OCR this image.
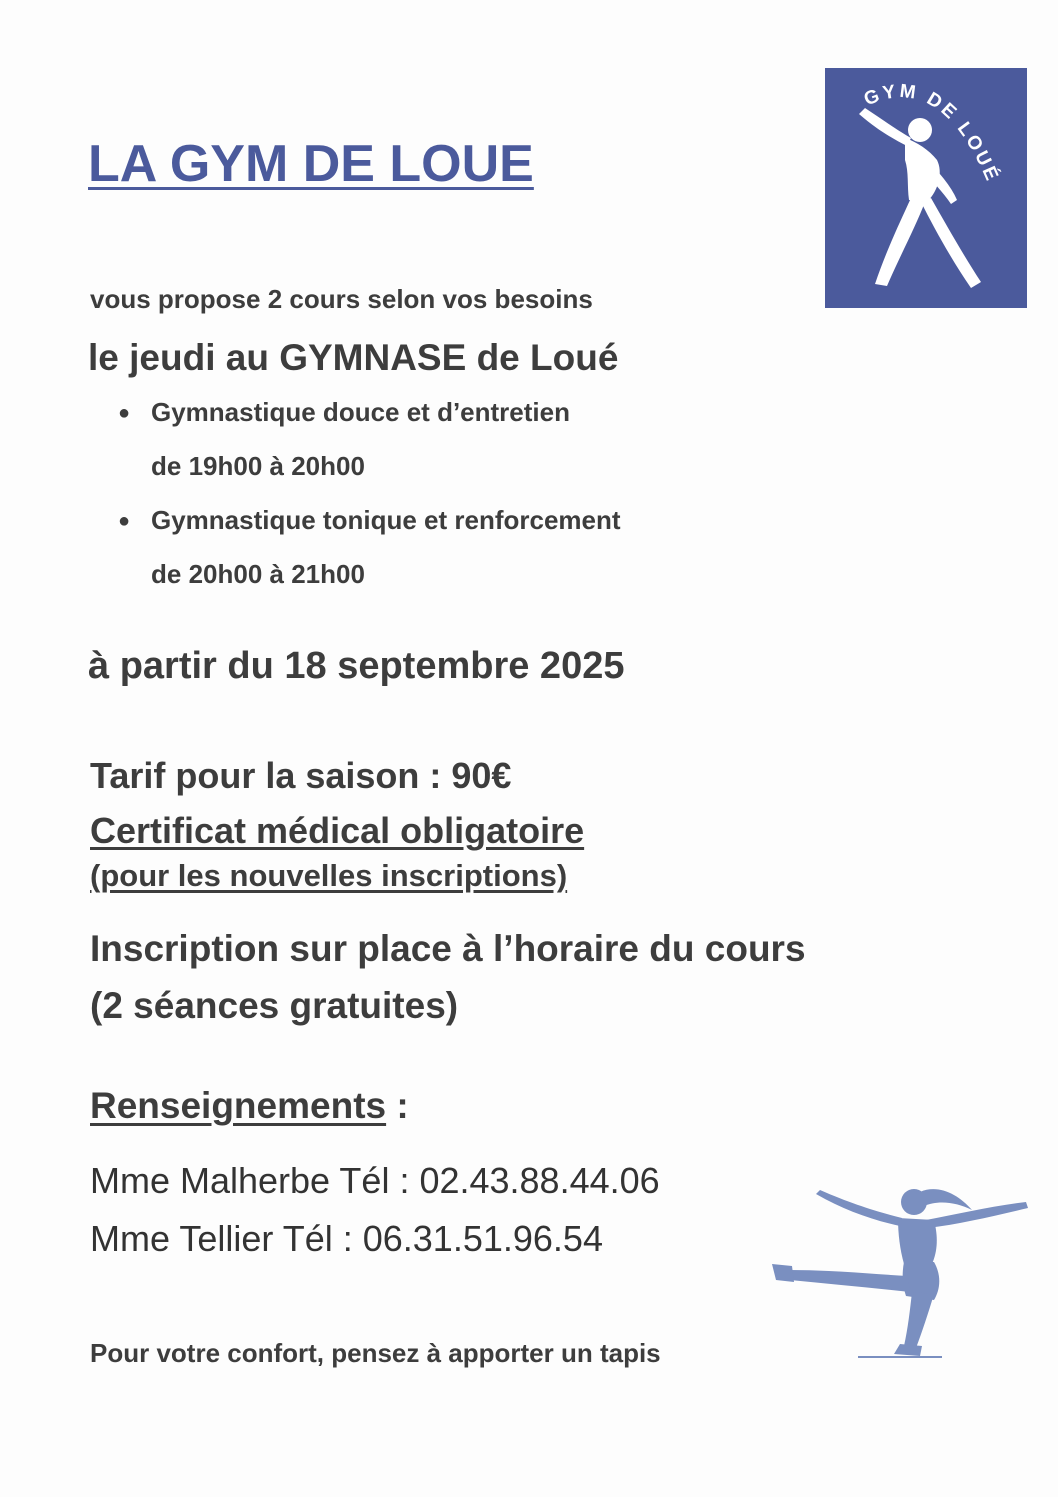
LA GYM DE LOUE
GYM DE LOUÉ
vous propose 2 cours selon vos besoins
le jeudi au GYMNASE de Loué
● Gymnastique douce et d’entretien
de 19h00 à 20h00
● Gymnastique tonique et renforcement
de 20h00 à 21h00
à partir du 18 septembre 2025
Tarif pour la saison : 90€
Certificat médical obligatoire
(pour les nouvelles inscriptions)
Inscription sur place à l’horaire du cours
(2 séances gratuites)
Renseignements :
Mme Malherbe Tél : 02.43.88.44.06
Mme Tellier Tél : 06.31.51.96.54
Pour votre confort, pensez à apporter un tapis
